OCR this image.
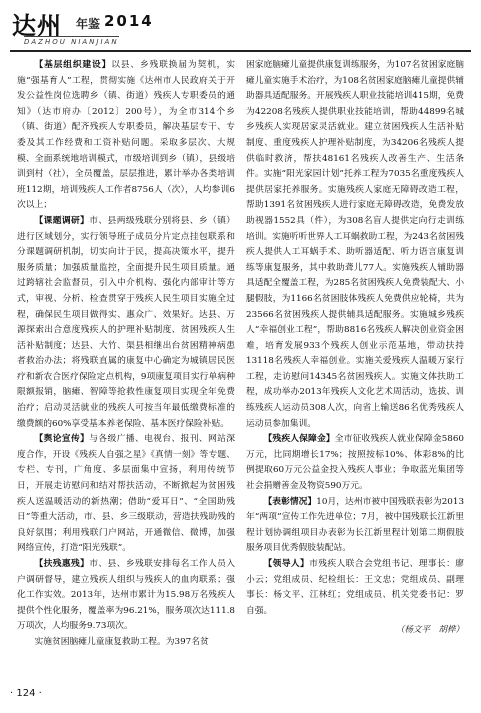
达州 年鉴 2014
DAZHOU NIANJIAN

【基层组织建设】以县、乡残联换届为契机，实施“强基育人”工程，贯彻实施《达州市人民政府关于开发公益性岗位选聘乡（镇、街道）残疾人专职委员的通知》（达市府办〔2012〕200号），为全市314个乡（镇、街道）配齐残疾人专职委员，解决基层专干、专委及其工作经费和工资补贴问题。采取多层次、大规模、全面系统地培训模式，市级培训到乡（镇），县级培训到村（社），全员覆盖，层层推进，累计举办各类培训班112期，培训残疾人工作者8756人（次），人均参训6次以上；

【课题调研】市、县两级残联分别将县、乡（镇）进行区域划分，实行领导班子成员分片定点挂包联系和分课题调研机制，切实向计于民，提高决策水平，提升服务质量；加强质量监控，全面提升民生项目质量。通过跨辖社会监督员，引入中介机构、强化内部审计等方式，审视、分析、检查贯穿于残疾人民生项目实施全过程，确保民生项目做得实、惠众广、效果好。达县、万源探索出合意度残疾人的护理补贴制度、贫困残疾人生活补贴制度；达县、大竹、渠县相继出台贫困精神病患者救治办法；将残联直属的康复中心确定为城镇居民医疗和新农合医疗保险定点机构，9项康复项目实行单病种限额报销，脑瘫、智障等抢救性康复项目实现全年免费治疗；启动灵活就业的残疾人可按当年最低缴费标准的缴费额的60%享受基本养老保险、基本医疗保险补贴。

【舆论宣传】与各级广播、电视台、报刊、网站深度合作，开设《残疾人自强之星》《真情一刻》等专题、专栏、专刊，广角度、多层面集中宣扬，利用传统节日，开展走访慰问和结对帮扶活动，不断掀起为贫困残疾人送温暖活动的新热潮；借助“爱耳日”、“全国助残日”等重大活动，市、县、乡三级联动，营造扶残助残的良好氛围；利用残联门户网站，开通微信、微博，加强网络宣传，打造“阳光残联”。

【扶残惠残】市、县、乡残联安排每名工作人员入户调研督导，建立残疾人组织与残疾人的血肉联系；强化工作实效。2013年，达州市累计为15.98万名残疾人提供个性化服务，覆盖率为96.21%，服务项次达111.8万项次，人均服务9.73项次。

实施贫困脑瘫儿童康复救助工程。为397名贫

困家庭脑瘫儿童提供康复训练服务，为107名贫困家庭脑瘫儿童实施手术治疗，为108名贫困家庭脑瘫儿童提供辅助器具适配服务。开展残疾人职业技能培训415期，免费为42208名残疾人提供职业技能培训，帮助44899名城乡残疾人实现居家灵活就业。建立贫困残疾人生活补贴制度、重度残疾人护理补贴制度，为34206名残疾人提供临时救济，帮扶48161名残疾人改善生产、生活条件。实施“阳光家园计划”托养工程为7035名重度残疾人提供居家托养服务。实施残疾人家庭无障碍改造工程，帮助1391名贫困残疾人进行家庭无障碍改造，免费发放助视器1552具（件），为308名盲人提供定向行走训练培训。实施听听世界人工耳蜗救助工程，为243名贫困残疾人提供人工耳蜗手术、助听器适配、听力语言康复训练等康复服务，其中救助聋儿77人。实施残疾人辅助器具适配全覆盖工程，为285名贫困残疾人免费装配大、小腿假肢，为1166名贫困肢体残疾人免费供应轮椅，共为23566名贫困残疾人提供辅具适配服务。实施城乡残疾人“幸福创业工程”，帮助8816名残疾人解决创业资金困难，培育发展933个残疾人创业示范基地，带动扶持13118名残疾人幸福创业。实施关爱残疾人温暖万家行工程，走访慰问14345名贫困残疾人。实施文体扶助工程，成功举办2013年残疾人文化艺术周活动，选拔、训练残疾人运动员308人次，向省上输送86名优秀残疾人运动员参加集训。

【残疾人保障金】全市征收残疾人就业保障金5860万元，比同期增长17%；按照按标10%、体彩8%的比例提取60万元公益金投入残疾人事业；争取蓝光集团等社会捐赠善金及物资590万元。

【表彰情况】10月，达州市被中国残联表彰为2013年“两项”宣传工作先进单位；7月，被中国残联长江新里程计划协调组项目办表彰为长江新里程计划第二期假肢服务项目优秀假肢装配站。

【领导人】市残疾人联合会党组书记、理事长：廖小云；党组成员、纪检组长：王文忠；党组成员、副理事长：杨文平、江林红；党组成员、机关党委书记：罗自强。

（杨文平　胡桦）
· 124 ·
